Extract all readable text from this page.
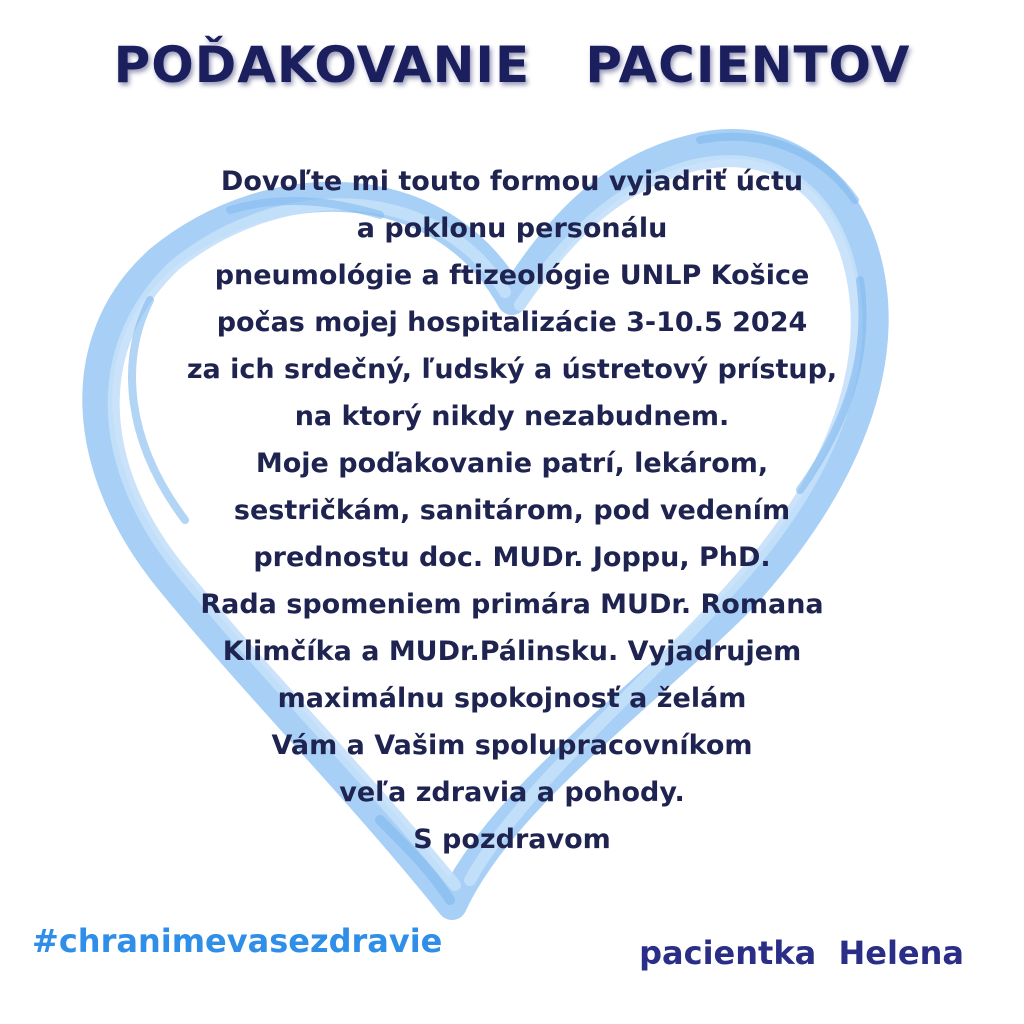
POĎAKOVANIE   PACIENTOV
Dovoľte mi touto formou vyjadriť úctu
a poklonu personálu
pneumológie a ftizeológie UNLP Košice
počas mojej hospitalizácie 3-10.5 2024
za ich srdečný, ľudský a ústretový prístup,
na ktorý nikdy nezabudnem.
Moje poďakovanie patrí, lekárom,
sestričkám, sanitárom, pod vedením
prednostu doc. MUDr. Joppu, PhD.
Rada spomeniem primára MUDr. Romana
Klimčíka a MUDr.Pálinsku. Vyjadrujem
maximálnu spokojnosť a želám
Vám a Vašim spolupracovníkom
veľa zdravia a pohody.
S pozdravom
#chranimevasezdravie	pacientka  Helena
